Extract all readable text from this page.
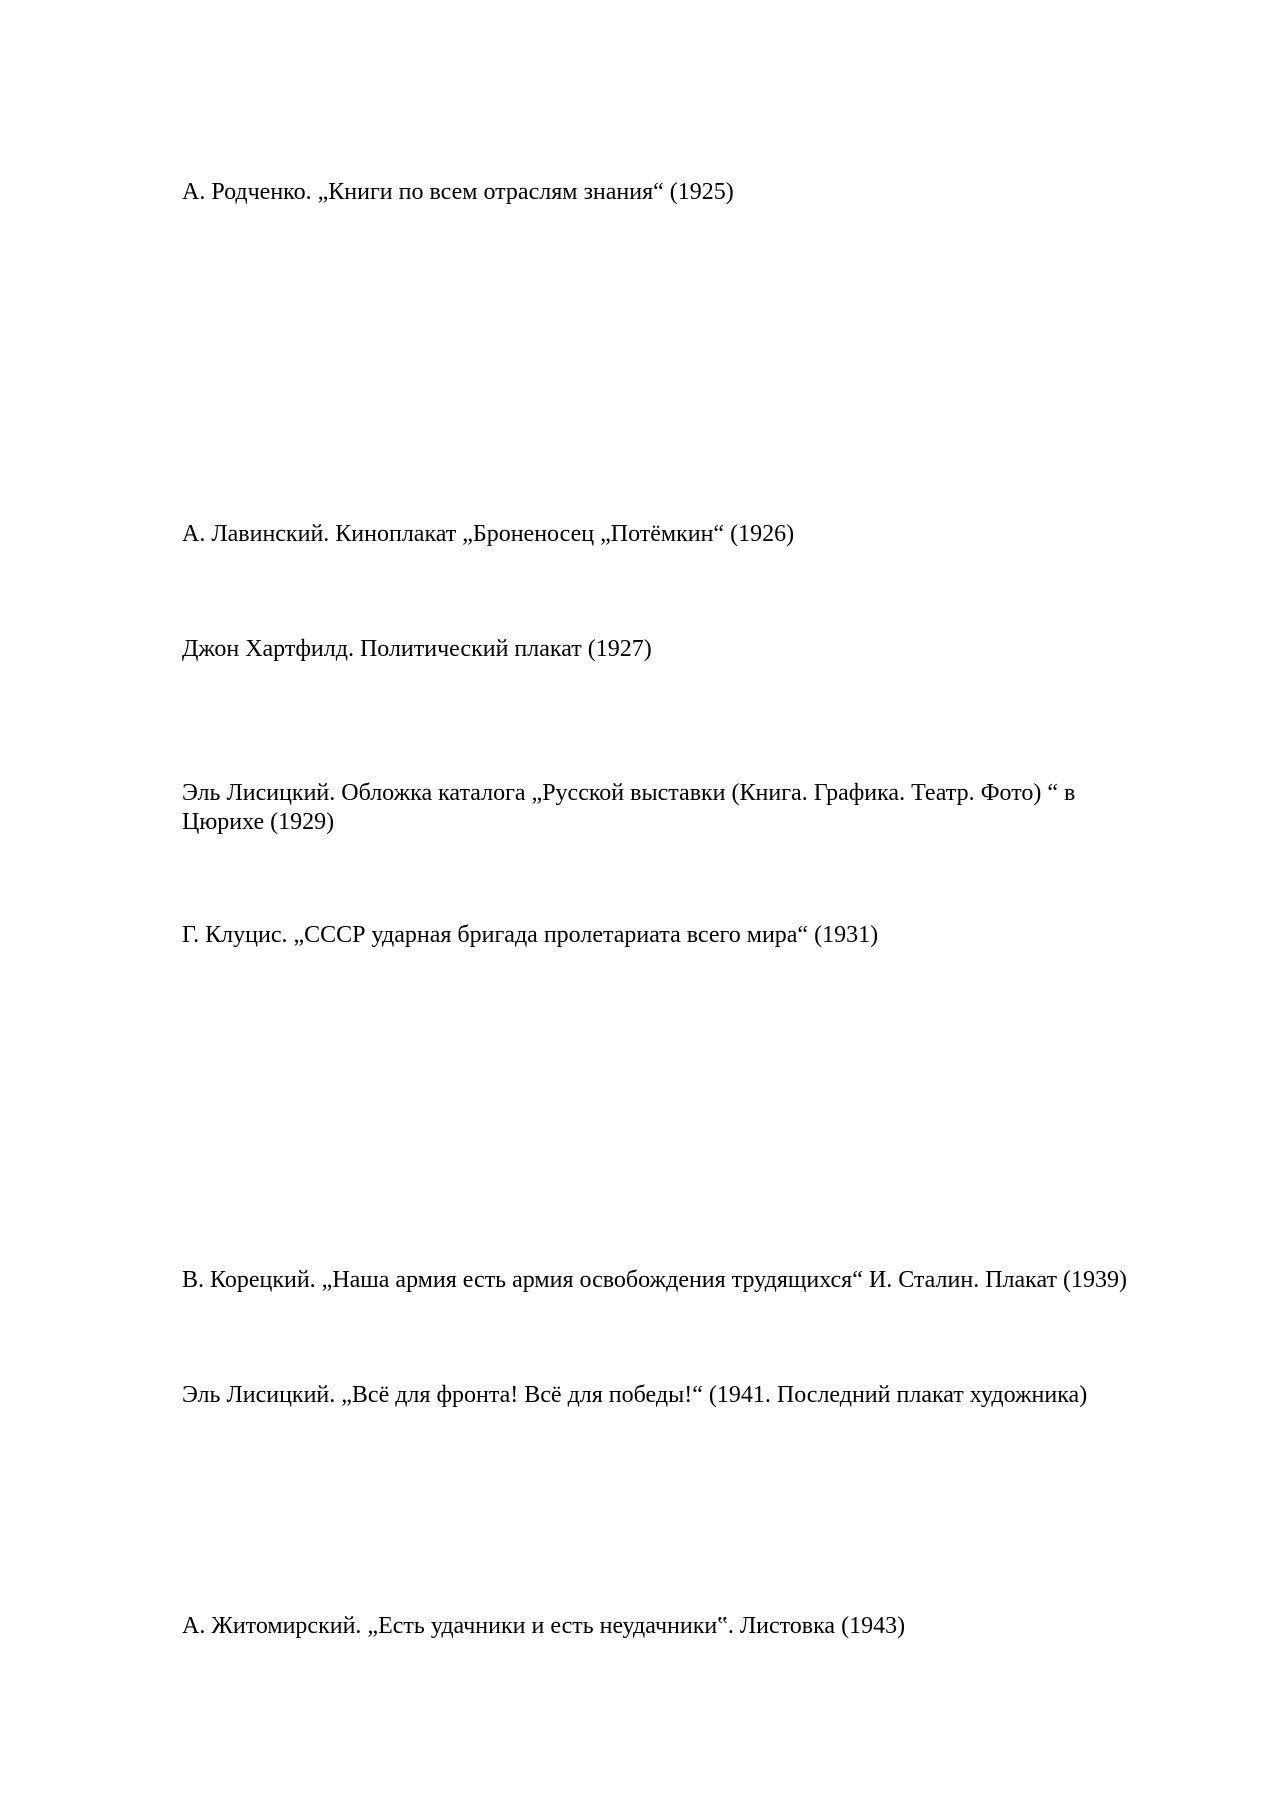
А. Родченко. „Книги по всем отраслям знания“ (1925)

А. Лавинский. Киноплакат „Броненосец „Потёмкин“ (1926)

Джон Хартфилд. Политический плакат (1927)

Эль Лисицкий. Обложка каталога „Русской выставки (Книга. Графика. Театр. Фото) “ в Цюрихе (1929)

Г. Клуцис. „СССР ударная бригада пролетариата всего мира“ (1931)

В. Корецкий. „Наша армия есть армия освобождения трудящихся“ И. Сталин. Плакат (1939)

Эль Лисицкий. „Всё для фронта! Всё для победы!“ (1941. Последний плакат художника)

А. Житомирский. „Есть удачники и есть неудачники‟. Листовка (1943)
